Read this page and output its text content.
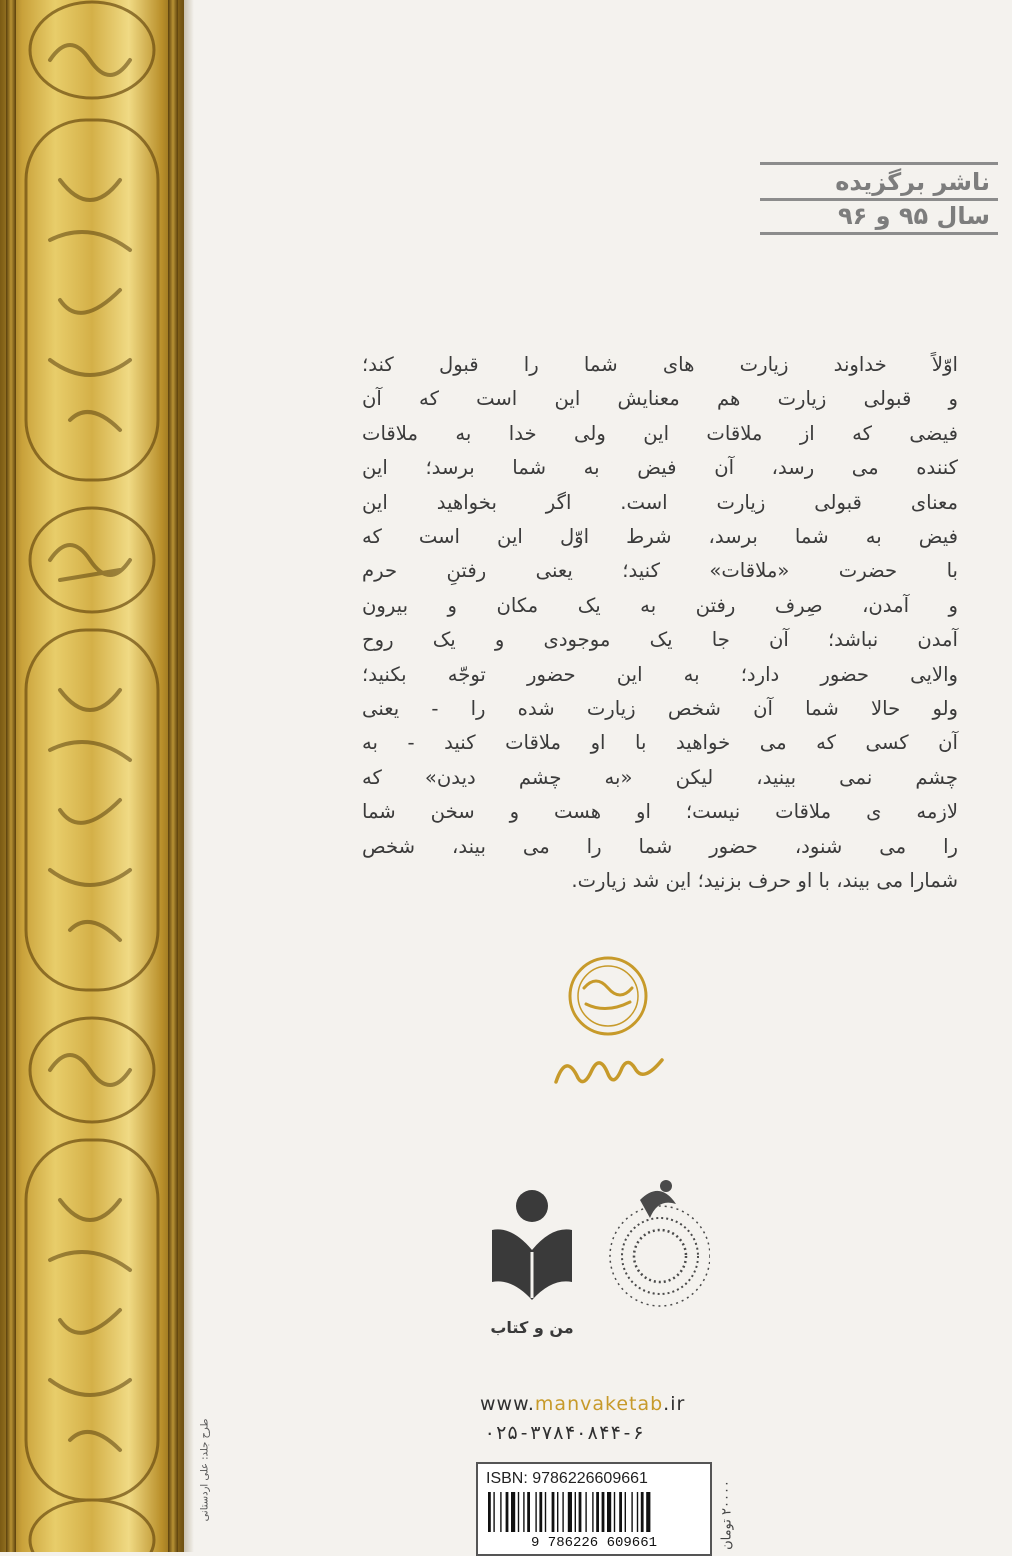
ناشر برگزیده
سال ۹۵ و ۹۶
اوّلاً خداوند زیارت های شما را قبول کند؛
و قبولی زیارت هم معنایش این است که آن
فیضی که از ملاقات این ولی خدا به ملاقات
کننده می رسد، آن فیض به شما برسد؛ این
معنای قبولی زیارت است. اگر بخواهید این
فیض به شما برسد، شرط اوّل این است که
با حضرت «ملاقات» کنید؛ یعنی رفتنِ حرم
و آمدن، صِرف رفتن به یک مکان و بیرون
آمدن نباشد؛ آن جا یک موجودی و یک روح
والایی حضور دارد؛ به این حضور توجّه بکنید؛
ولو حالا شما آن شخص زیارت شده را - یعنی
آن کسی که می خواهید با او ملاقات کنید - به
چشم نمی بینید، لیکن «به چشم دیدن» که
لازمه ی ملاقات نیست؛ او هست و سخن شما
را می شنود، حضور شما را می بیند، شخص
شمارا می بیند، با او حرف بزنید؛ این شد زیارت.
من و کتاب
www.manvaketab.ir
۰۲۵-۳۷۸۴۰۸۴۴-۶
ISBN: 9786226609661
9 786226 609661	۲۰۰۰۰ تومان
طرح جلد: علی اردستانی
